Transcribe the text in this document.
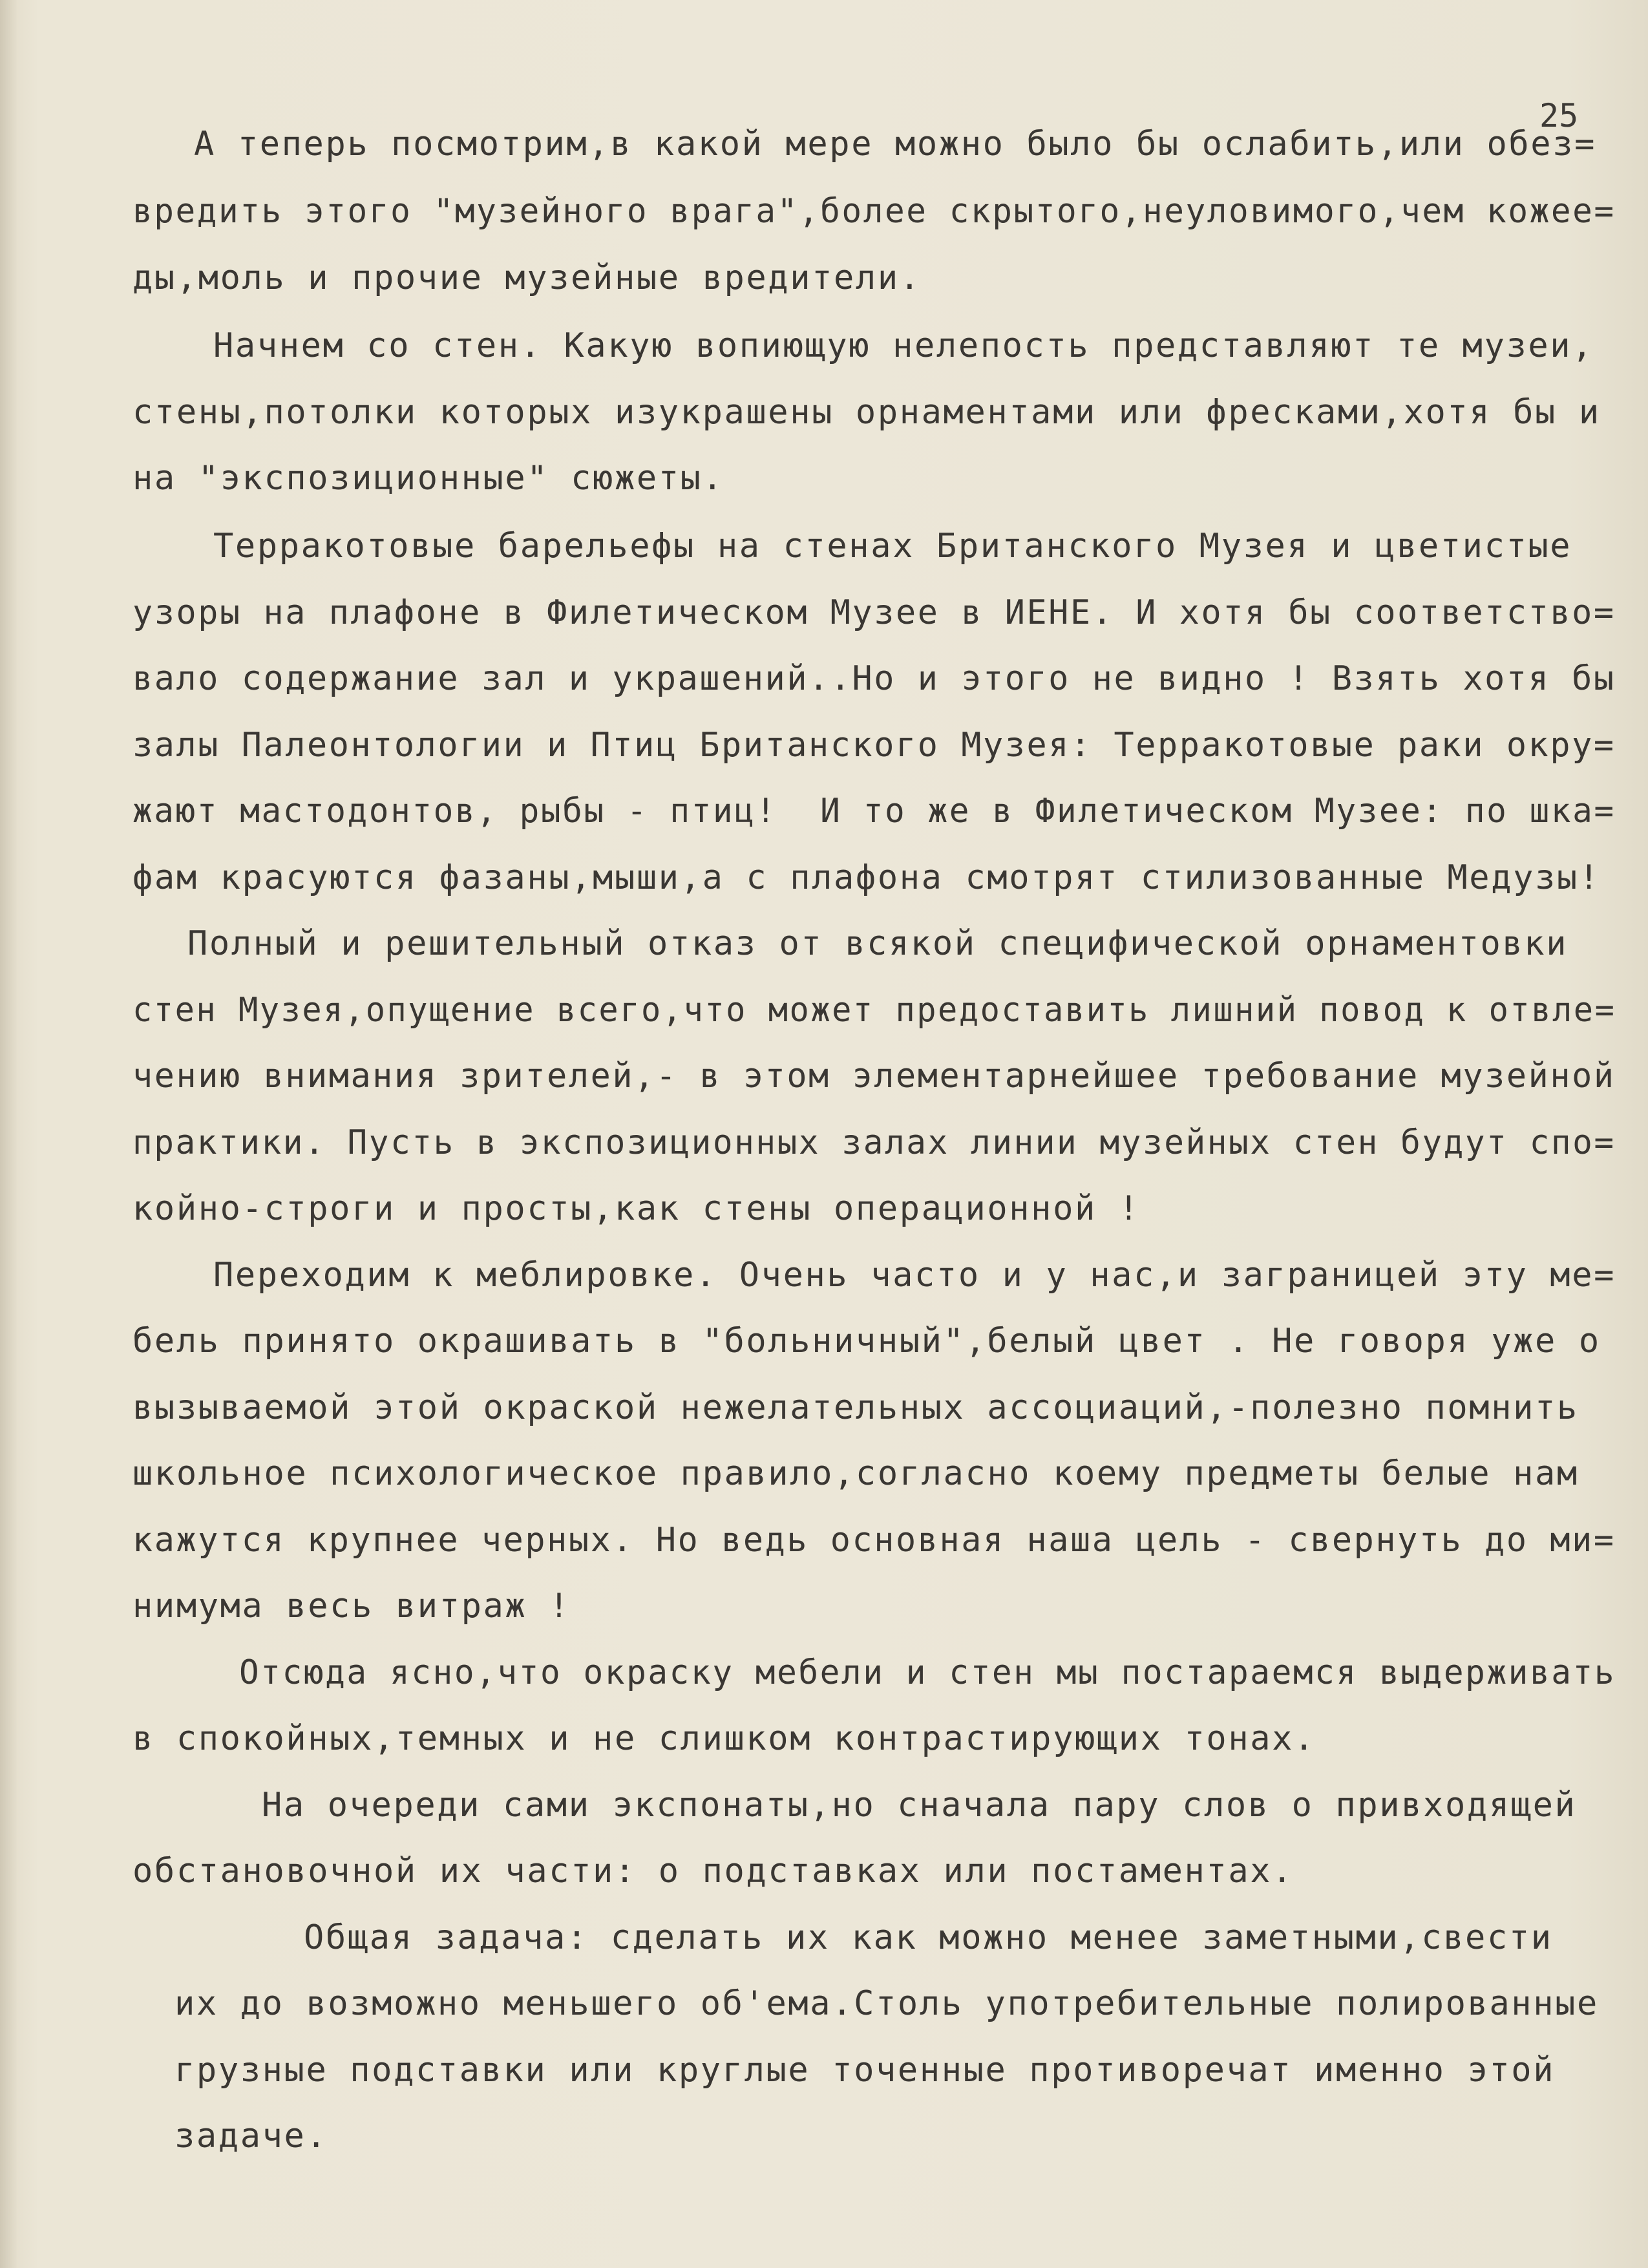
25
А теперь посмотрим,в какой мере можно было бы ослабить,или обез=
вредить этого "музейного врага",более скрытого,неуловимого,чем кожее=
ды,моль и прочие музейные вредители.
Начнем со стен. Какую вопиющую нелепость представляют те музеи,
стены,потолки которых изукрашены орнаментами или фресками,хотя бы и
на "экспозиционные" сюжеты.
Терракотовые барельефы на стенах Британского Музея и цветистые
узоры на плафоне в Филетическом Музее в ИЕНЕ. И хотя бы соответство=
вало содержание зал и украшений..Но и этого не видно ! Взять хотя бы
залы Палеонтологии и Птиц Британского Музея: Терракотовые раки окру=
жают мастодонтов, рыбы - птиц!  И то же в Филетическом Музее: по шка=
фам красуются фазаны,мыши,а с плафона смотрят стилизованные Медузы!
Полный и решительный отказ от всякой специфической орнаментовки
стен Музея,опущение всего,что может предоставить лишний повод к отвле=
чению внимания зрителей,- в этом элементарнейшее требование музейной
практики. Пусть в экспозиционных залах линии музейных стен будут спо=
койно-строги и просты,как стены операционной !
Переходим к меблировке. Очень часто и у нас,и заграницей эту ме=
бель принято окрашивать в "больничный",белый цвет . Не говоря уже о
вызываемой этой окраской нежелательных ассоциаций,-полезно помнить
школьное психологическое правило,согласно коему предметы белые нам
кажутся крупнее черных. Но ведь основная наша цель - свернуть до ми=
нимума весь витраж !
Отсюда ясно,что окраску мебели и стен мы постараемся выдерживать
в спокойных,темных и не слишком контрастирующих тонах.
На очереди сами экспонаты,но сначала пару слов о привходящей
обстановочной их части: о подставках или постаментах.
Общая задача: сделать их как можно менее заметными,свести
их до возможно меньшего об'ема.Столь употребительные полированные
грузные подставки или круглые точенные противоречат именно этой
задаче.
